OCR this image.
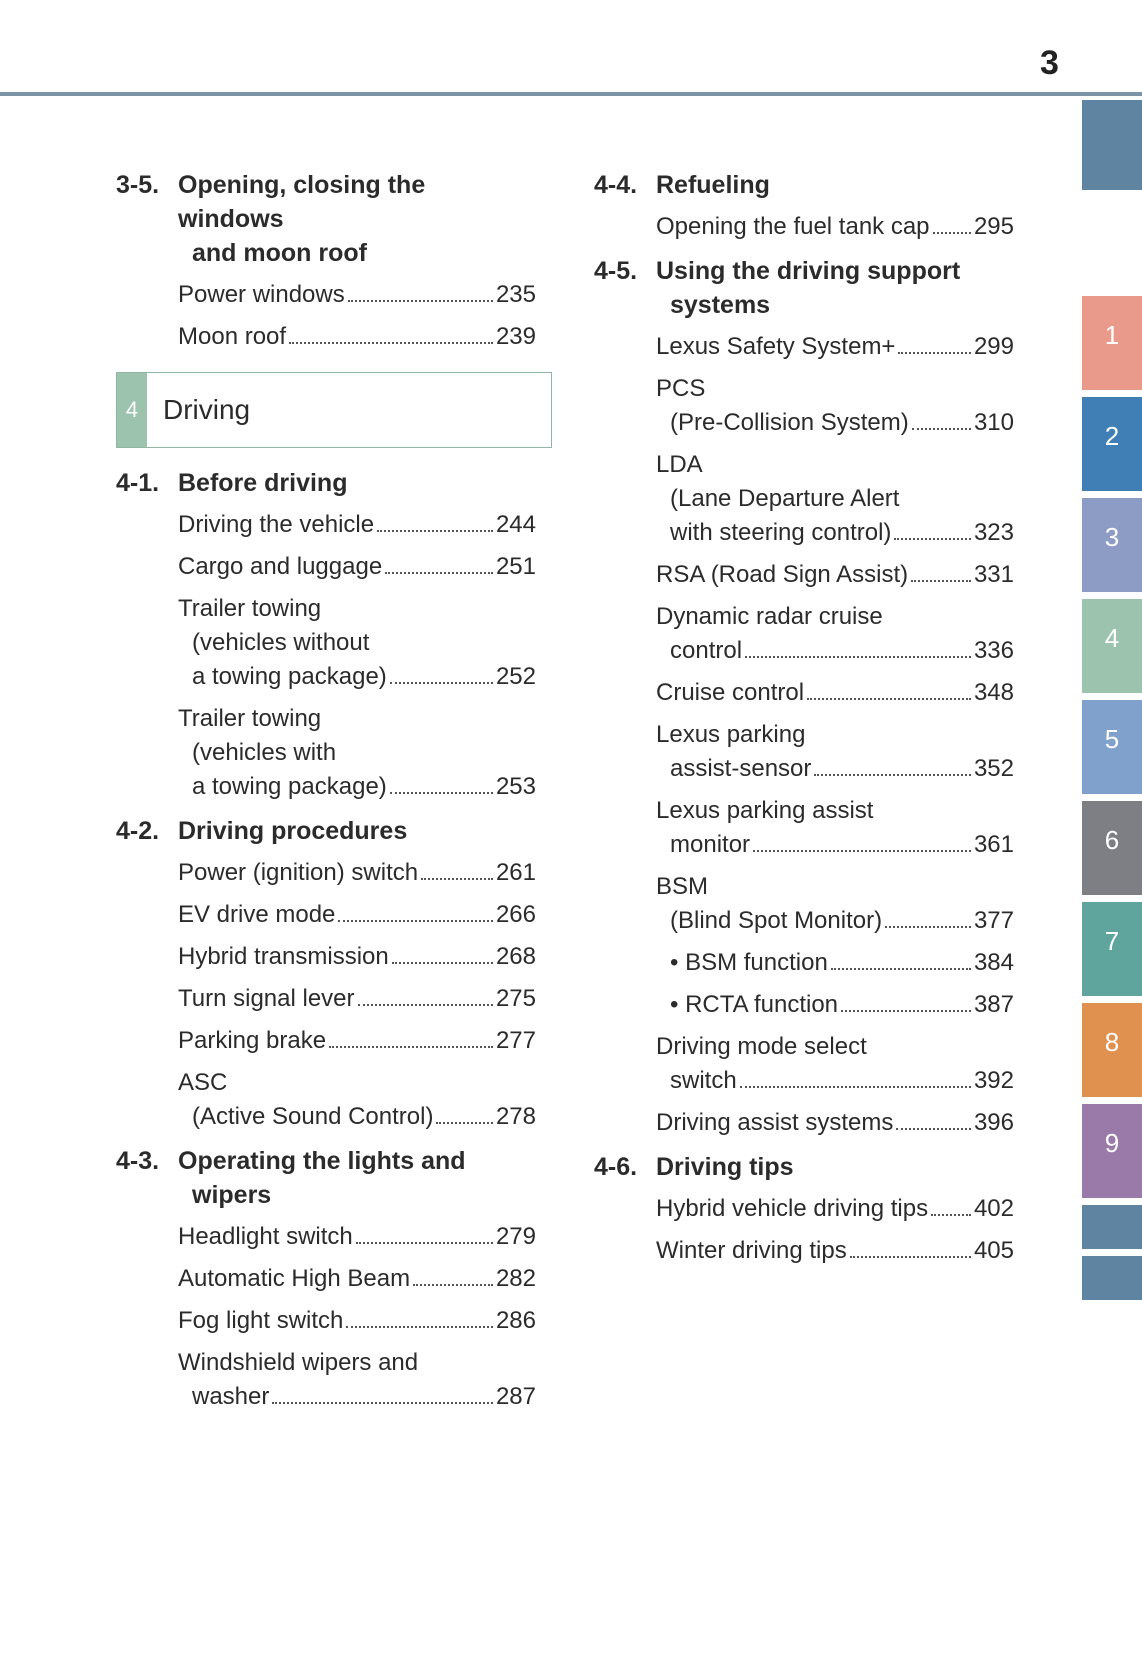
3
3-5. Opening, closing the windows
and moon roof
Power windows	235
Moon roof	239
4 Driving
4-1. Before driving
Driving the vehicle	244
Cargo and luggage	251
Trailer towing
(vehicles without
a towing package)	252
Trailer towing
(vehicles with
a towing package)	253
4-2. Driving procedures
Power (ignition) switch	261
EV drive mode	266
Hybrid transmission	268
Turn signal lever	275
Parking brake	277
ASC
(Active Sound Control)	278
4-3. Operating the lights and
wipers
Headlight switch	279
Automatic High Beam	282
Fog light switch	286
Windshield wipers and
washer	287
4-4. Refueling
Opening the fuel tank cap 295
4-5. Using the driving support
systems
Lexus Safety System+	299
PCS
(Pre-Collision System)	310
LDA
(Lane Departure Alert
with steering control)	323
RSA (Road Sign Assist)	331
Dynamic radar cruise
control	336
Cruise control	348
Lexus parking
assist-sensor	352
Lexus parking assist
monitor	361
BSM
(Blind Spot Monitor)	377
• BSM function	384
• RCTA function	387
Driving mode select
switch	392
Driving assist systems	396
4-6. Driving tips
Hybrid vehicle driving tips 402
Winter driving tips	405
1
2
3
4
5
6
7
8
9
